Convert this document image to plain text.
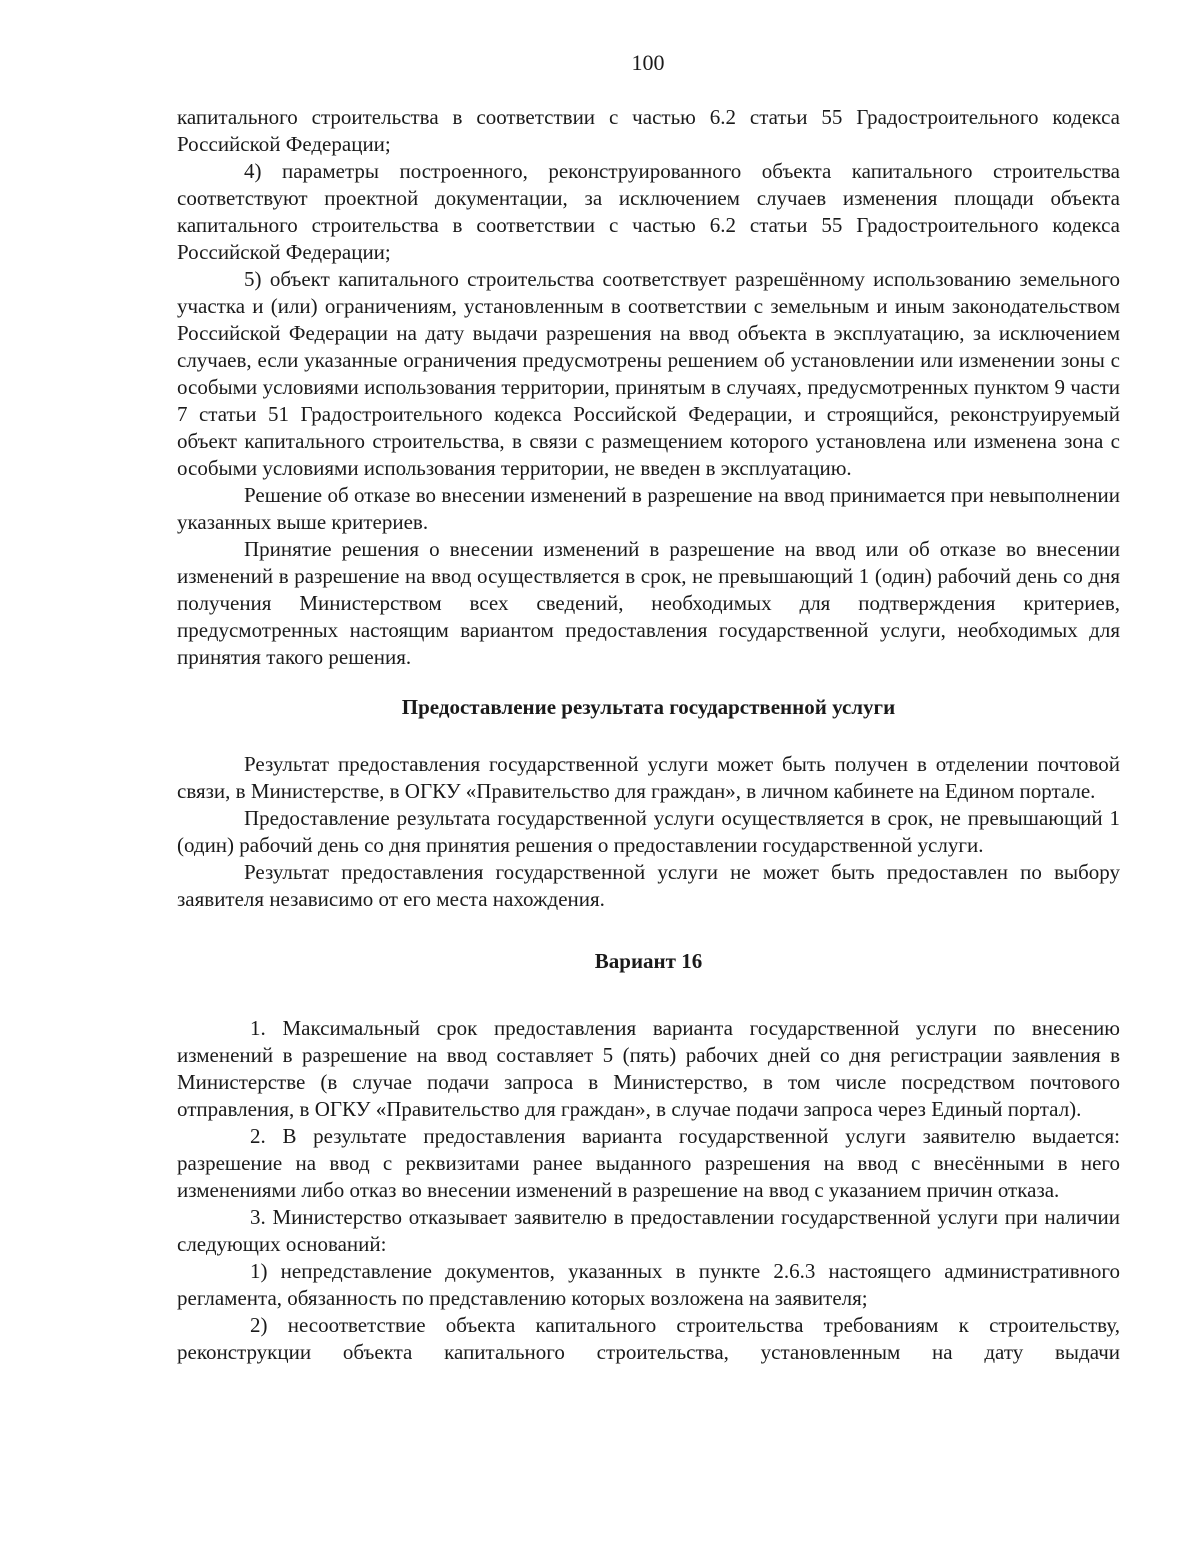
100

капитального строительства в соответствии с частью 6.2 статьи 55 Градостроительного кодекса Российской Федерации;

4) параметры построенного, реконструированного объекта капитального строительства соответствуют проектной документации, за исключением случаев изменения площади объекта капитального строительства в соответствии с частью 6.2 статьи 55 Градостроительного кодекса Российской Федерации;

5) объект капитального строительства соответствует разрешённому использованию земельного участка и (или) ограничениям, установленным в соответствии с земельным и иным законодательством Российской Федерации на дату выдачи разрешения на ввод объекта в эксплуатацию, за исключением случаев, если указанные ограничения предусмотрены решением об установлении или изменении зоны с особыми условиями использования территории, принятым в случаях, предусмотренных пунктом 9 части 7 статьи 51 Градостроительного кодекса Российской Федерации, и строящийся, реконструируемый объект капитального строительства, в связи с размещением которого установлена или изменена зона с особыми условиями использования территории, не введен в эксплуатацию.

Решение об отказе во внесении изменений в разрешение на ввод принимается при невыполнении указанных выше критериев.

Принятие решения о внесении изменений в разрешение на ввод или об отказе во внесении изменений в разрешение на ввод осуществляется в срок, не превышающий 1 (один) рабочий день со дня получения Министерством всех сведений, необходимых для подтверждения критериев, предусмотренных настоящим вариантом предоставления государственной услуги, необходимых для принятия такого решения.

Предоставление результата государственной услуги

Результат предоставления государственной услуги может быть получен в отделении почтовой связи, в Министерстве, в ОГКУ «Правительство для граждан», в личном кабинете на Едином портале.

Предоставление результата государственной услуги осуществляется в срок, не превышающий 1 (один) рабочий день со дня принятия решения о предоставлении государственной услуги.

Результат предоставления государственной услуги не может быть предоставлен по выбору заявителя независимо от его места нахождения.

Вариант 16

1. Максимальный срок предоставления варианта государственной услуги по внесению изменений в разрешение на ввод составляет 5 (пять) рабочих дней со дня регистрации заявления в Министерстве (в случае подачи запроса в Министерство, в том числе посредством почтового отправления, в ОГКУ «Правительство для граждан», в случае подачи запроса через Единый портал).

2. В результате предоставления варианта государственной услуги заявителю выдается: разрешение на ввод с реквизитами ранее выданного разрешения на ввод с внесёнными в него изменениями либо отказ во внесении изменений в разрешение на ввод с указанием причин отказа.

3. Министерство отказывает заявителю в предоставлении государственной услуги при наличии следующих оснований:

1) непредставление документов, указанных в пункте 2.6.3 настоящего административного регламента, обязанность по представлению которых возложена на заявителя;

2) несоответствие объекта капитального строительства требованиям к строительству, реконструкции объекта капитального строительства, установленным на дату выдачи
